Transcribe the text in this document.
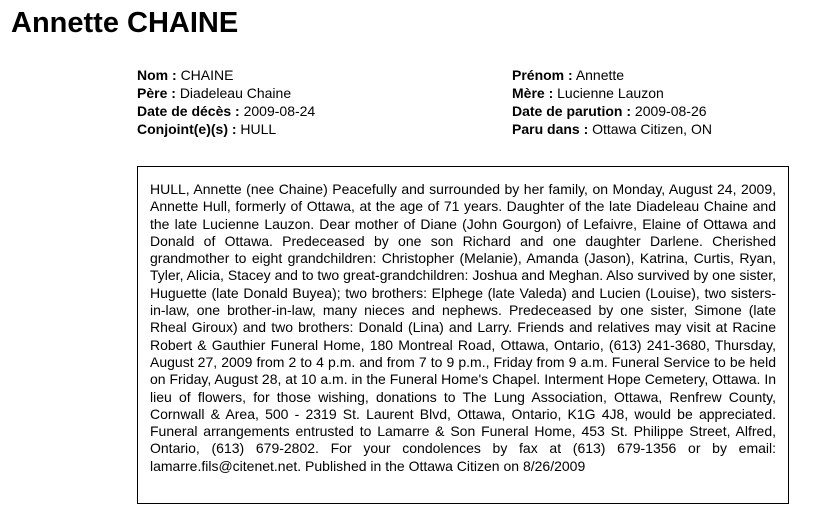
Annette CHAINE
Nom : CHAINE
Père : Diadeleau Chaine
Date de décès : 2009-08-24
Conjoint(e)(s) : HULL
Prénom : Annette
Mère : Lucienne Lauzon
Date de parution : 2009-08-26
Paru dans : Ottawa Citizen, ON

HULL, Annette (nee Chaine) Peacefully and surrounded by her family, on Monday, August 24, 2009, Annette Hull, formerly of Ottawa, at the age of 71 years. Daughter of the late Diadeleau Chaine and the late Lucienne Lauzon. Dear mother of Diane (John Gourgon) of Lefaivre, Elaine of Ottawa and Donald of Ottawa. Predeceased by one son Richard and one daughter Darlene. Cherished grandmother to eight grandchildren: Christopher (Melanie), Amanda (Jason), Katrina, Curtis, Ryan, Tyler, Alicia, Stacey and to two great-grandchildren: Joshua and Meghan. Also survived by one sister, Huguette (late Donald Buyea); two brothers: Elphege (late Valeda) and Lucien (Louise), two sisters-in-law, one brother-in-law, many nieces and nephews. Predeceased by one sister, Simone (late Rheal Giroux) and two brothers: Donald (Lina) and Larry. Friends and relatives may visit at Racine Robert & Gauthier Funeral Home, 180 Montreal Road, Ottawa, Ontario, (613) 241-3680, Thursday, August 27, 2009 from 2 to 4 p.m. and from 7 to 9 p.m., Friday from 9 a.m. Funeral Service to be held on Friday, August 28, at 10 a.m. in the Funeral Home's Chapel. Interment Hope Cemetery, Ottawa. In lieu of flowers, for those wishing, donations to The Lung Association, Ottawa, Renfrew County, Cornwall & Area, 500 - 2319 St. Laurent Blvd, Ottawa, Ontario, K1G 4J8, would be appreciated. Funeral arrangements entrusted to Lamarre & Son Funeral Home, 453 St. Philippe Street, Alfred, Ontario, (613) 679-2802. For your condolences by fax at (613) 679-1356 or by email: lamarre.fils@citenet.net. Published in the Ottawa Citizen on 8/26/2009
